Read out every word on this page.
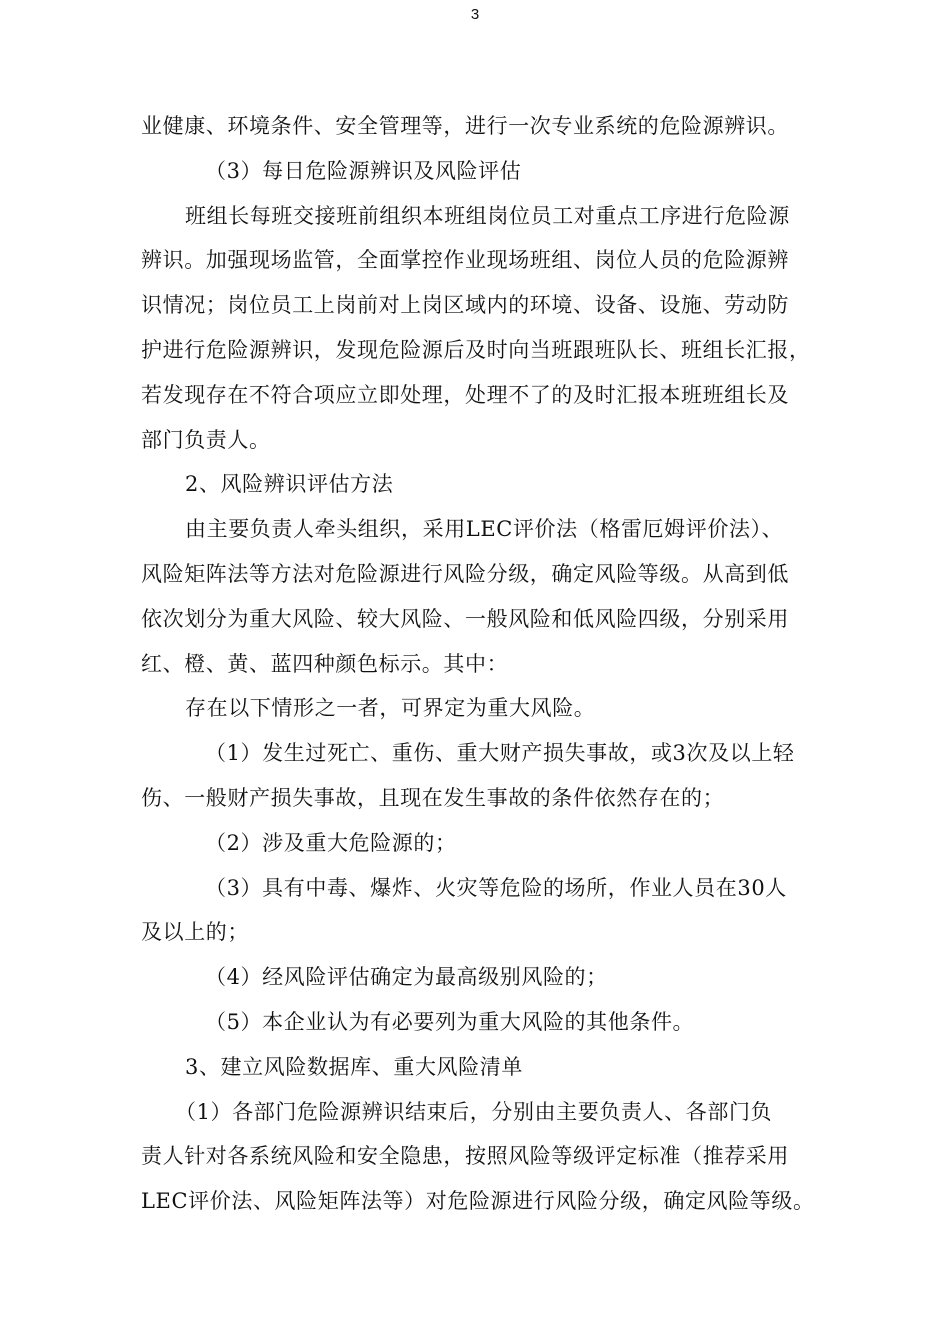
3
业健康、环境条件、安全管理等，进行一次专业系统的危险源辨识。
（3）每日危险源辨识及风险评估
班组长每班交接班前组织本班组岗位员工对重点工序进行危险源
辨识。加强现场监管，全面掌控作业现场班组、岗位人员的危险源辨
识情况；岗位员工上岗前对上岗区域内的环境、设备、设施、劳动防
护进行危险源辨识，发现危险源后及时向当班跟班队长、班组长汇报，
若发现存在不符合项应立即处理，处理不了的及时汇报本班班组长及
部门负责人。
2、风险辨识评估方法
由主要负责人牵头组织，采用LEC评价法（格雷厄姆评价法）、
风险矩阵法等方法对危险源进行风险分级，确定风险等级。从高到低
依次划分为重大风险、较大风险、一般风险和低风险四级，分别采用
红、橙、黄、蓝四种颜色标示。其中：
存在以下情形之一者，可界定为重大风险。
（1）发生过死亡、重伤、重大财产损失事故，或3次及以上轻
伤、一般财产损失事故，且现在发生事故的条件依然存在的；
（2）涉及重大危险源的；
（3）具有中毒、爆炸、火灾等危险的场所，作业人员在30人
及以上的；
（4）经风险评估确定为最高级别风险的；
（5）本企业认为有必要列为重大风险的其他条件。
3、建立风险数据库、重大风险清单
（1）各部门危险源辨识结束后，分别由主要负责人、各部门负
责人针对各系统风险和安全隐患，按照风险等级评定标准（推荐采用
LEC评价法、风险矩阵法等）对危险源进行风险分级，确定风险等级。
